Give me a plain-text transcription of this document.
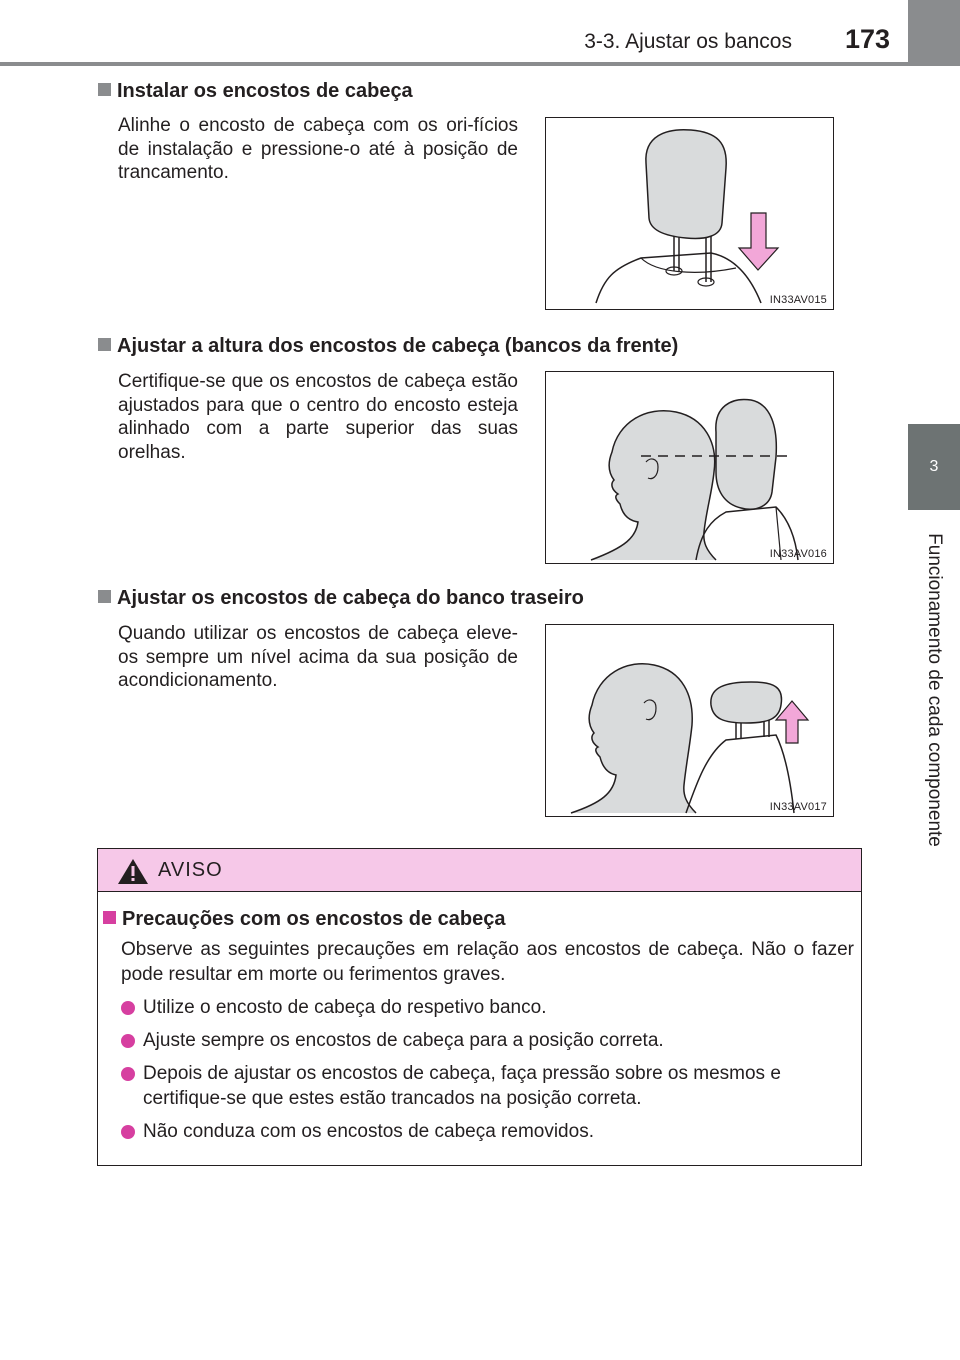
3-3. Ajustar os bancos 173
3
Funcionamento de cada componente
Instalar os encostos de cabeça
Alinhe o encosto de cabeça com os ori-fícios de instalação e pressione-o até à posição de trancamento.
IN33AV015
Ajustar a altura dos encostos de cabeça (bancos da frente)
Certifique-se que os encostos de cabeça estão ajustados para que o centro do encosto esteja alinhado com a parte superior das suas orelhas.
IN33AV016
Ajustar os encostos de cabeça do banco traseiro
Quando utilizar os encostos de cabeça eleve-os sempre um nível acima da sua posição de acondicionamento.
IN33AV017
AVISO
Precauções com os encostos de cabeça
Observe as seguintes precauções em relação aos encostos de cabeça. Não o fazer pode resultar em morte ou ferimentos graves.
Utilize o encosto de cabeça do respetivo banco.
Ajuste sempre os encostos de cabeça para a posição correta.
Depois de ajustar os encostos de cabeça, faça pressão sobre os mesmos e certifique-se que estes estão trancados na posição correta.
Não conduza com os encostos de cabeça removidos.
